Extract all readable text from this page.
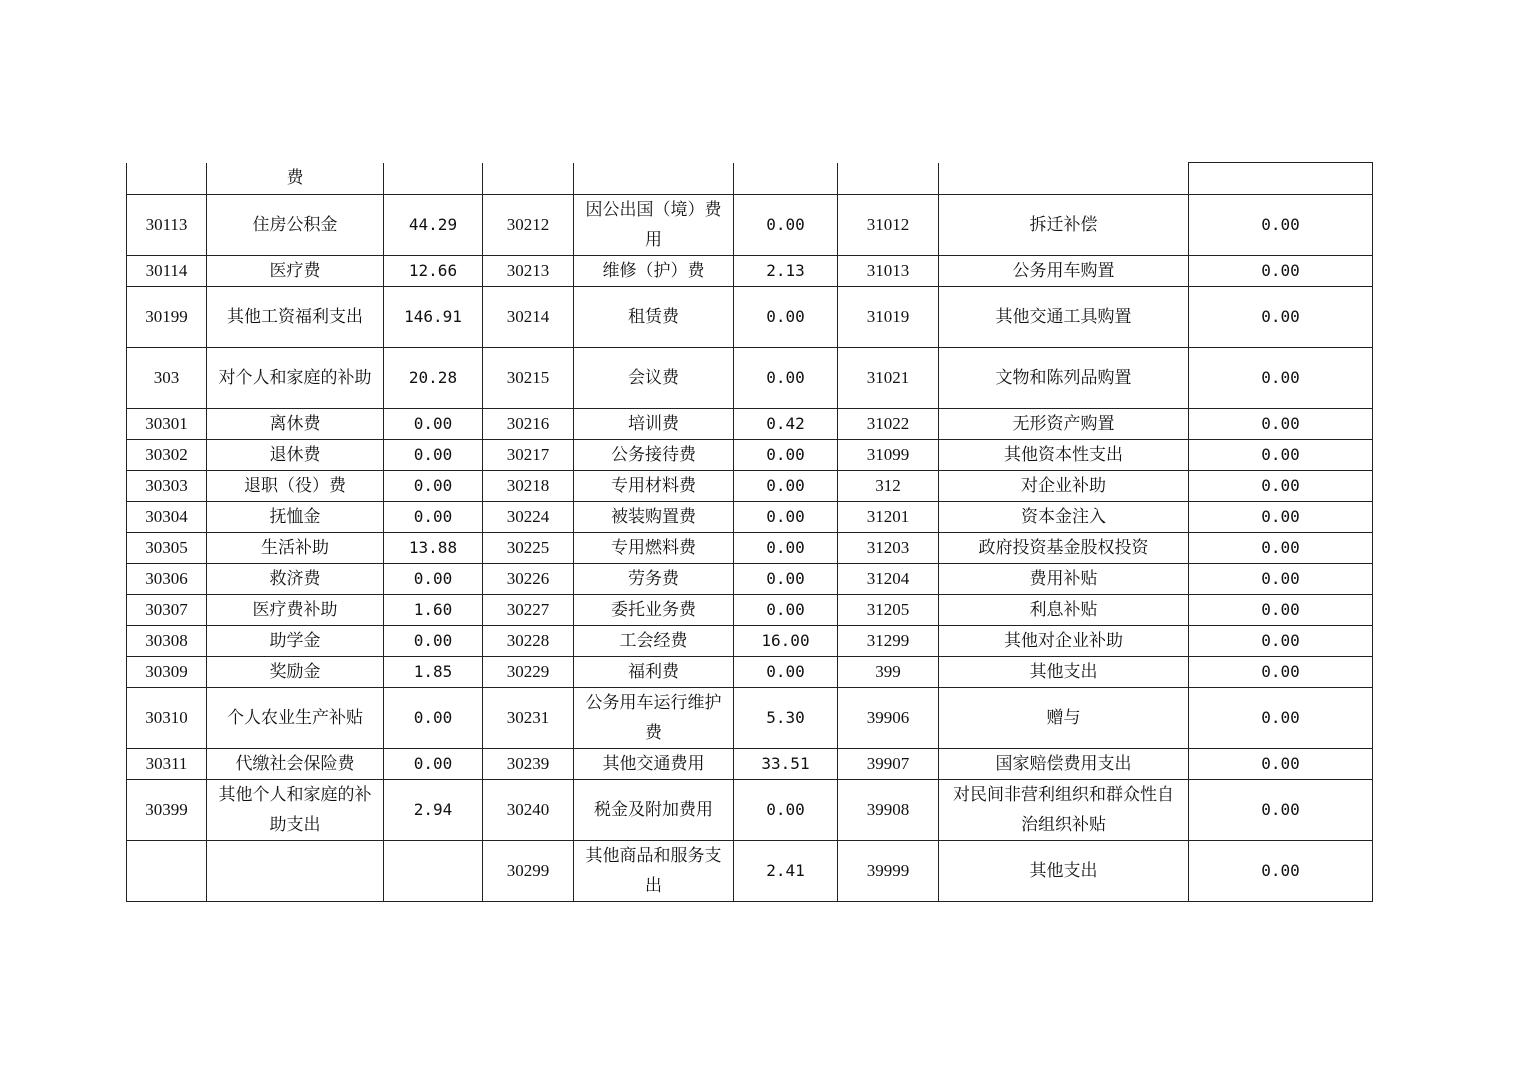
	费							
30113	住房公积金	44.29	30212	因公出国（境）费用	0.00	31012	拆迁补偿	0.00
30114	医疗费	12.66	30213	维修（护）费	2.13	31013	公务用车购置	0.00
30199	其他工资福利支出	146.91	30214	租赁费	0.00	31019	其他交通工具购置	0.00
303	对个人和家庭的补助	20.28	30215	会议费	0.00	31021	文物和陈列品购置	0.00
30301	离休费	0.00	30216	培训费	0.42	31022	无形资产购置	0.00
30302	退休费	0.00	30217	公务接待费	0.00	31099	其他资本性支出	0.00
30303	退职（役）费	0.00	30218	专用材料费	0.00	312	对企业补助	0.00
30304	抚恤金	0.00	30224	被装购置费	0.00	31201	资本金注入	0.00
30305	生活补助	13.88	30225	专用燃料费	0.00	31203	政府投资基金股权投资	0.00
30306	救济费	0.00	30226	劳务费	0.00	31204	费用补贴	0.00
30307	医疗费补助	1.60	30227	委托业务费	0.00	31205	利息补贴	0.00
30308	助学金	0.00	30228	工会经费	16.00	31299	其他对企业补助	0.00
30309	奖励金	1.85	30229	福利费	0.00	399	其他支出	0.00
30310	个人农业生产补贴	0.00	30231	公务用车运行维护费	5.30	39906	赠与	0.00
30311	代缴社会保险费	0.00	30239	其他交通费用	33.51	39907	国家赔偿费用支出	0.00
30399	其他个人和家庭的补助支出	2.94	30240	税金及附加费用	0.00	39908	对民间非营利组织和群众性自治组织补贴	0.00
			30299	其他商品和服务支出	2.41	39999	其他支出	0.00
